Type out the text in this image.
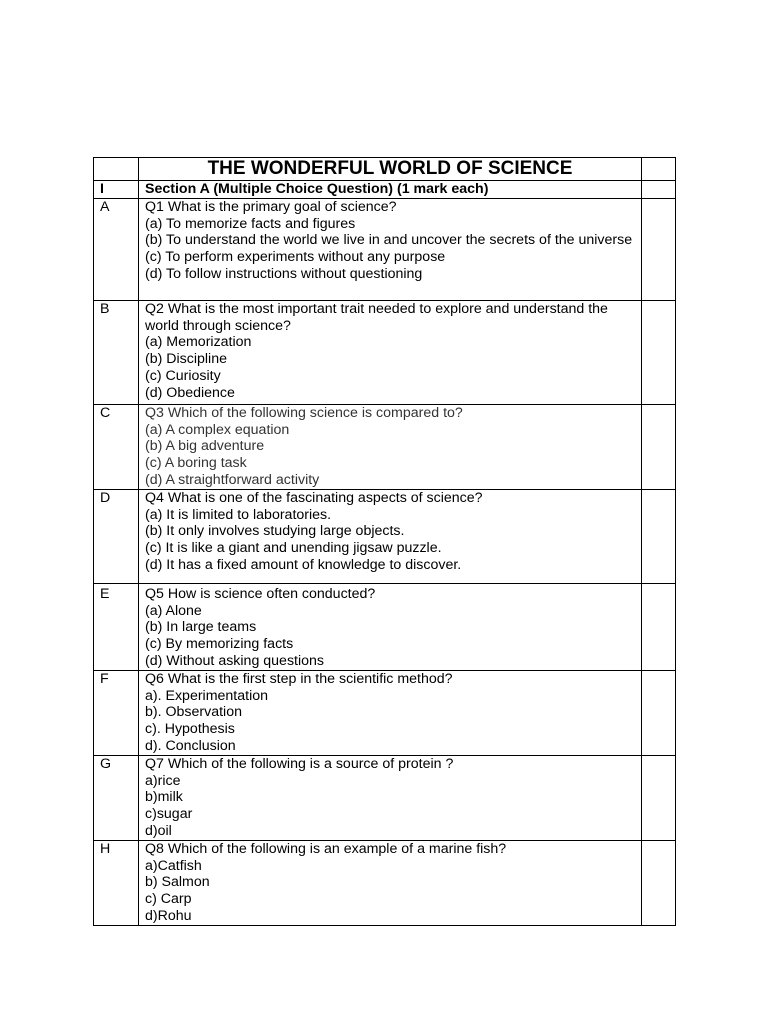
	THE WONDERFUL WORLD OF SCIENCE	
I	Section A (Multiple Choice Question) (1 mark each)	
A	Q1 What is the primary goal of science?
(a) To memorize facts and figures
(b) To understand the world we live in and uncover the secrets of the universe
(c) To perform experiments without any purpose
(d) To follow instructions without questioning	

B	Q2 What is the most important trait needed to explore and understand the world through science?
(a) Memorization
(b) Discipline
(c) Curiosity
(d) Obedience	

C	Q3 Which of the following science is compared to?
(a) A complex equation
(b) A big adventure
(c) A boring task
(d) A straightforward activity	

D	Q4 What is one of the fascinating aspects of science?
(a) It is limited to laboratories.
(b) It only involves studying large objects.
(c) It is like a giant and unending jigsaw puzzle.
(d) It has a fixed amount of knowledge to discover.	

E	Q5 How is science often conducted?
(a) Alone
(b) In large teams
(c) By memorizing facts
(d) Without asking questions	

F	Q6 What is the first step in the scientific method?
a). Experimentation
b). Observation
c). Hypothesis
d). Conclusion	

G	Q7 Which of the following is a source of protein ?
a)rice
b)milk
c)sugar
d)oil	

H	Q8 Which of the following is an example of a marine fish?
a)Catfish
b) Salmon
c) Carp
d)Rohu	
